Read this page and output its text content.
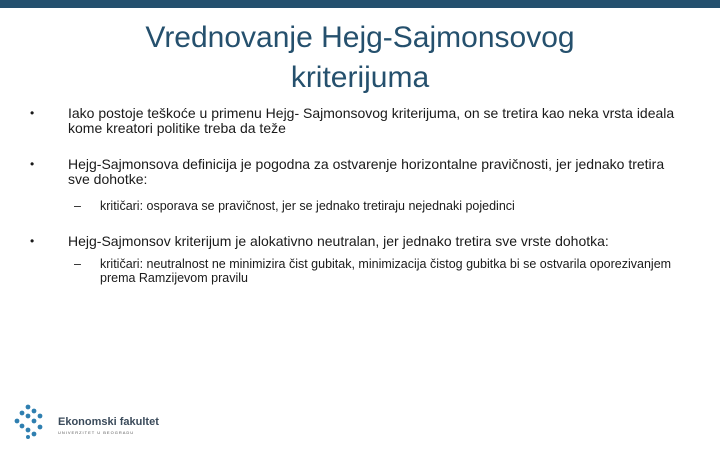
Vrednovanje Hejg-Sajmonsovog
kriterijuma
•	Iako postoje teškoće u primenu Hejg- Sajmonsovog kriterijuma, on se tretira kao neka vrsta ideala kome kreatori politike treba da teže
•	Hejg-Sajmonsova definicija je pogodna za ostvarenje horizontalne pravičnosti, jer jednako tretira sve dohotke:
– kritičari: osporava se pravičnost, jer se jednako tretiraju nejednaki pojedinci
•	Hejg-Sajmonsov kriterijum je alokativno neutralan, jer jednako tretira sve vrste dohotka:
– kritičari: neutralnost ne minimizira čist gubitak, minimizacija čistog gubitka bi se ostvarila oporezivanjem prema Ramzijevom pravilu
Ekonomski fakultet
UNIVERZITET U BEOGRADU
